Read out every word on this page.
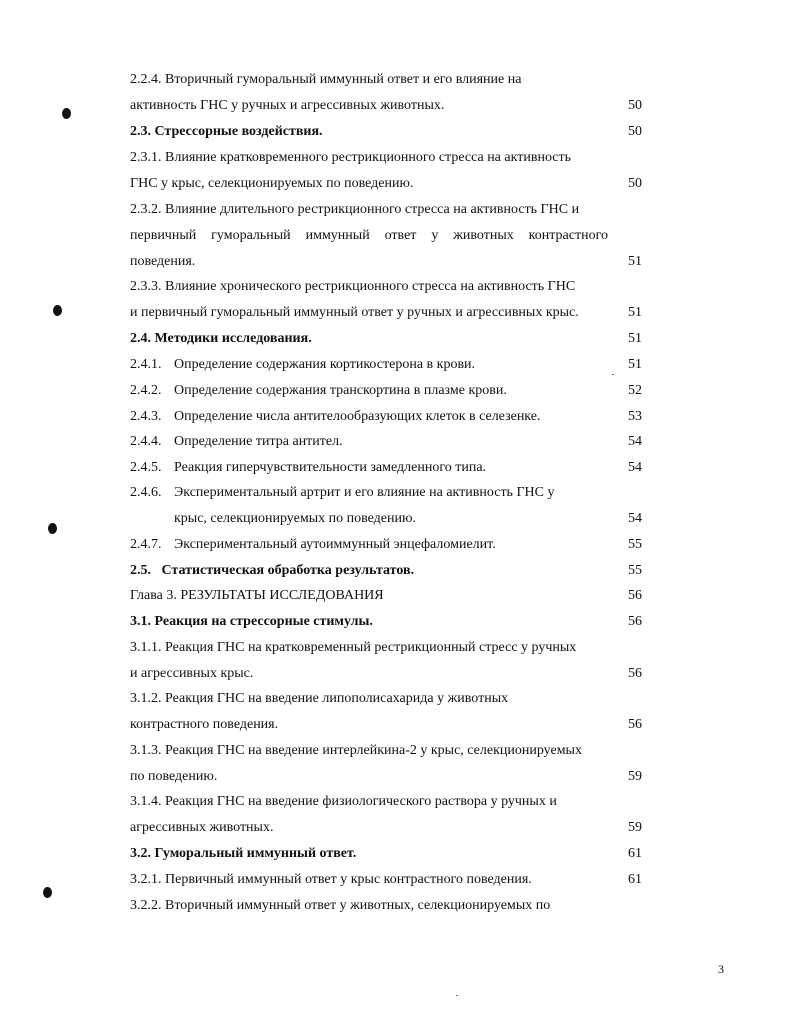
2.2.4. Вторичный гуморальный иммунный ответ и его влияние на
активность ГНС у ручных и агрессивных животных.	50
2.3. Стрессорные воздействия.	50
2.3.1. Влияние кратковременного рестрикционного стресса на активность
ГНС у крыс, селекционируемых по поведению.	50
2.3.2. Влияние длительного рестрикционного стресса на активность ГНС и
первичный гуморальный иммунный ответ у животных контрастного
поведения.	51
2.3.3. Влияние хронического рестрикционного стресса на активность ГНС
и первичный гуморальный иммунный ответ у ручных и агрессивных крыс.	51
2.4. Методики исследования.	51
2.4.1. Определение содержания кортикостерона в крови.	51
2.4.2. Определение содержания транскортина в плазме крови.	52
2.4.3. Определение числа антителообразующих клеток в селезенке.	53
2.4.4. Определение титра антител.	54
2.4.5. Реакция гиперчувствительности замедленного типа.	54
2.4.6. Экспериментальный артрит и его влияние на активность ГНС у
крыс, селекционируемых по поведению.	54
2.4.7. Экспериментальный аутоиммунный энцефаломиелит.	55
2.5.   Статистическая обработка результатов.	55
Глава 3. РЕЗУЛЬТАТЫ ИССЛЕДОВАНИЯ	56
3.1. Реакция на стрессорные стимулы.	56
3.1.1. Реакция ГНС на кратковременный рестрикционный стресс у ручных
и агрессивных крыс.	56
3.1.2. Реакция ГНС на введение липополисахарида у животных
контрастного поведения.	56
3.1.3. Реакция ГНС на введение интерлейкина-2 у крыс, селекционируемых
по поведению.	59
3.1.4. Реакция ГНС на введение физиологического раствора у ручных и
агрессивных животных.	59
3.2. Гуморальный иммунный ответ.	61
3.2.1. Первичный иммунный ответ у крыс контрастного поведения.	61
3.2.2. Вторичный иммунный ответ у животных, селекционируемых по
3
